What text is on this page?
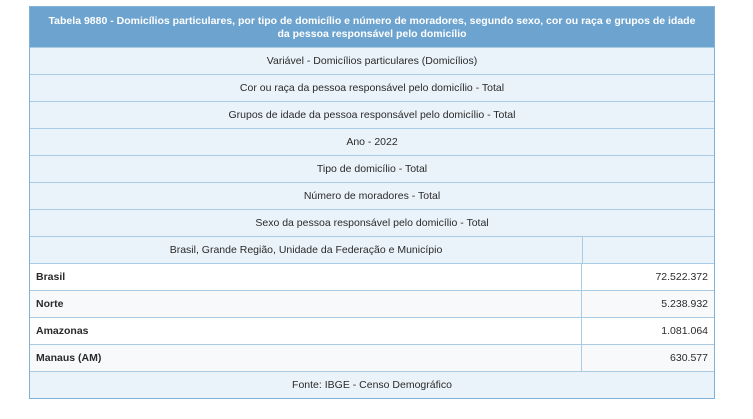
Tabela 9880 - Domicílios particulares, por tipo de domicílio e número de moradores, segundo sexo, cor ou raça e grupos de idade da pessoa responsável pelo domicílio
Variável - Domicílios particulares (Domicílios)
Cor ou raça da pessoa responsável pelo domicílio - Total
Grupos de idade da pessoa responsável pelo domicílio - Total
Ano - 2022
Tipo de domicílio - Total
Número de moradores - Total
Sexo da pessoa responsável pelo domicílio - Total
Brasil, Grande Região, Unidade da Federação e Município
Brasil	72.522.372
Norte	5.238.932
Amazonas	1.081.064
Manaus (AM)	630.577
Fonte: IBGE - Censo Demográfico
